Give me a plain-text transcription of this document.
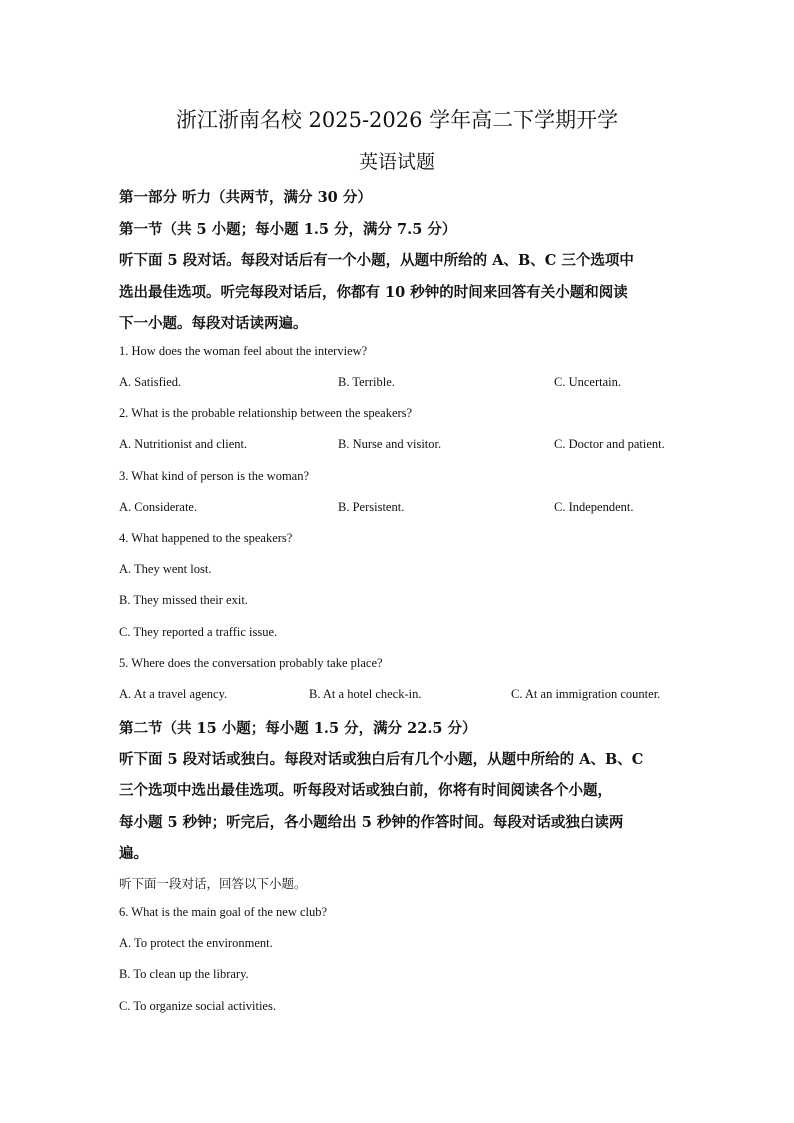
浙江浙南名校 2025-2026 学年高二下学期开学
英语试题
第一部分 听力（共两节，满分 30 分）
第一节（共 5 小题；每小题 1.5 分，满分 7.5 分）
听下面 5 段对话。每段对话后有一个小题，从题中所给的 A、B、C 三个选项中
选出最佳选项。听完每段对话后，你都有 10 秒钟的时间来回答有关小题和阅读
下一小题。每段对话读两遍。
1. How does the woman feel about the interview?
A. Satisfied.	B. Terrible.	C. Uncertain.
2. What is the probable relationship between the speakers?
A. Nutritionist and client.	B. Nurse and visitor.	C. Doctor and patient.
3. What kind of person is the woman?
A. Considerate.	B. Persistent.	C. Independent.
4. What happened to the speakers?
A. They went lost.
B. They missed their exit.
C. They reported a traffic issue.
5. Where does the conversation probably take place?
A. At a travel agency.	B. At a hotel check-in.	C. At an immigration counter.
第二节（共 15 小题；每小题 1.5 分，满分 22.5 分）
听下面 5 段对话或独白。每段对话或独白后有几个小题，从题中所给的 A、B、C
三个选项中选出最佳选项。听每段对话或独白前，你将有时间阅读各个小题，
每小题 5 秒钟；听完后，各小题给出 5 秒钟的作答时间。每段对话或独白读两
遍。
听下面一段对话，回答以下小题。
6. What is the main goal of the new club?
A. To protect the environment.
B. To clean up the library.
C. To organize social activities.
